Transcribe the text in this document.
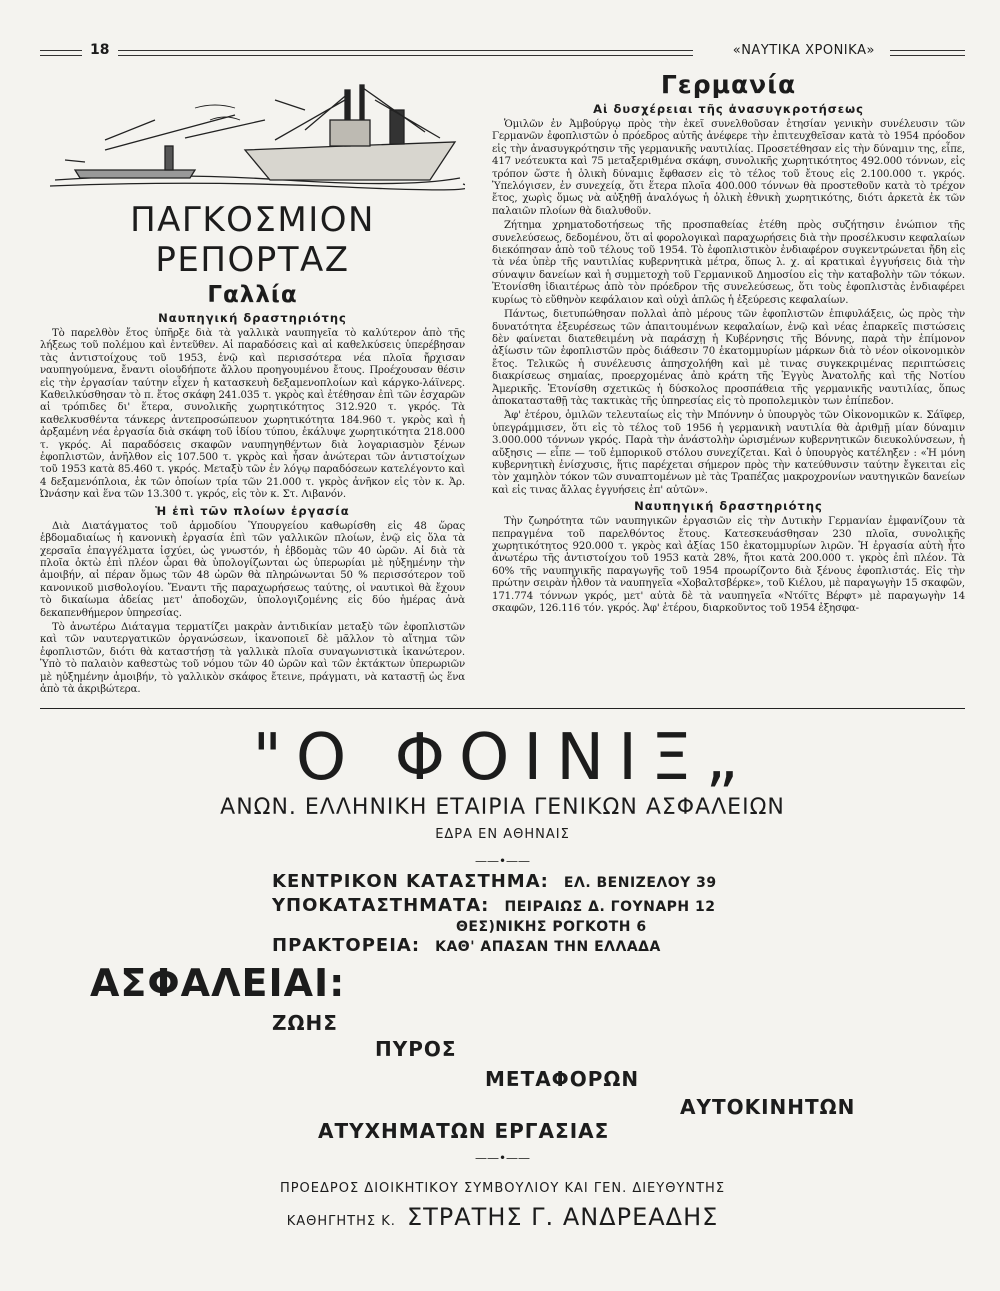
18	«ΝΑΥΤΙΚΑ ΧΡΟΝΙΚΑ»
ΠΑΓΚΟΣΜΙΟΝ ΡΕΠΟΡΤΑΖ
Γαλλία
Ναυπηγική δραστηριότης

Τὸ παρελθὸν ἔτος ὑπῆρξε διὰ τὰ γαλλικὰ ναυπηγεῖα τὸ καλύτερον ἀπὸ τῆς λήξεως τοῦ πολέμου καὶ ἐντεῦθεν. Αἱ παραδόσεις καὶ αἱ καθελκύσεις ὑπερέβησαν τὰς ἀντιστοίχους τοῦ 1953, ἐνῷ καὶ περισσότερα νέα πλοῖα ἤρχισαν ναυπηγούμενα, ἔναντι οἱουδήποτε ἄλλου προηγουμένου ἔτους. Προέχουσαν θέσιν εἰς τὴν ἐργασίαν ταύτην εἶχεν ἡ κατασκευὴ δεξαμενοπλοίων καὶ κάργκο-λάϊνερς. Καθειλκύσθησαν τὸ π. ἔτος σκάφη 241.035 τ. γκρὸς καὶ ἐτέθησαν ἐπὶ τῶν ἐσχαρῶν αἱ τρόπιδες δι' ἕτερα, συνολικῆς χωρητικότητος 312.920 τ. γκρός. Τὰ καθελκυσθέντα τάνκερς ἀντεπροσώπευον χωρητικότητα 184.960 τ. γκρὸς καὶ ἡ ἀρξαμένη νέα ἐργασία διὰ σκάφη τοῦ ἰδίου τύπου, ἐκάλυψε χωρητικότητα 218.000 τ. γκρός. Αἱ παραδόσεις σκαφῶν ναυπηγηθέντων διὰ λογαριασμὸν ξένων ἐφοπλιστῶν, ἀνῆλθον εἰς 107.500 τ. γκρὸς καὶ ἦσαν ἀνώτεραι τῶν ἀντιστοίχων τοῦ 1953 κατὰ 85.460 τ. γκρός. Μεταξὺ τῶν ἐν λόγῳ παραδόσεων κατελέγοντο καὶ 4 δεξαμενόπλοια, ἐκ τῶν ὁποίων τρία τῶν 21.000 τ. γκρὸς ἀνῆκον εἰς τὸν κ. Ἀρ. Ὠνάσην καὶ ἕνα τῶν 13.300 τ. γκρός, εἰς τὸν κ. Στ. Λιβανόν.

Ἡ ἐπὶ τῶν πλοίων ἐργασία

Διὰ Διατάγματος τοῦ ἁρμοδίου Ὑπουργείου καθωρίσθη εἰς 48 ὥρας ἑβδομαδιαίως ἡ κανονικὴ ἐργασία ἐπὶ τῶν γαλλικῶν πλοίων, ἐνῷ εἰς ὅλα τὰ χερσαῖα ἐπαγγέλματα ἰσχύει, ὡς γνωστόν, ἡ ἑβδομὰς τῶν 40 ὡρῶν. Αἱ διὰ τὰ πλοῖα ὀκτὼ ἐπὶ πλέον ὧραι θὰ ὑπολογίζωνται ὡς ὑπερωρίαι μὲ ηὐξημένην τὴν ἀμοιβήν, αἱ πέραν ὅμως τῶν 48 ὡρῶν θὰ πληρώνωνται 50 % περισσότερον τοῦ κανονικοῦ μισθολογίου. Ἔναντι τῆς παραχωρήσεως ταύτης, οἱ ναυτικοὶ θὰ ἔχουν τὸ δικαίωμα ἀδείας μετ' ἀποδοχῶν, ὑπολογιζομένης εἰς δύο ἡμέρας ἀνὰ δεκαπενθήμερον ὑπηρεσίας.

Τὸ ἀνωτέρω Διάταγμα τερματίζει μακρὰν ἀντιδικίαν μεταξὺ τῶν ἐφοπλιστῶν καὶ τῶν ναυτεργατικῶν ὀργανώσεων, ἱκανοποιεῖ δὲ μᾶλλον τὸ αἴτημα τῶν ἐφοπλιστῶν, διότι θὰ καταστήσῃ τὰ γαλλικὰ πλοῖα συναγωνιστικὰ ἱκανώτερον. Ὑπὸ τὸ παλαιὸν καθεστὼς τοῦ νόμου τῶν 40 ὡρῶν καὶ τῶν ἐκτάκτων ὑπερωριῶν μὲ ηὐξημένην ἀμοιβήν, τὸ γαλλικὸν σκάφος ἔτεινε, πράγματι, νὰ καταστῇ ὡς ἕνα ἀπὸ τὰ ἀκριβώτερα.

Γερμανία
Αἱ δυσχέρειαι τῆς ἀνασυγκροτήσεως

Ὁμιλῶν ἐν Ἀμβούργῳ πρὸς τὴν ἐκεῖ συνελθοῦσαν ἐτησίαν γενικὴν συνέλευσιν τῶν Γερμανῶν ἐφοπλιστῶν ὁ πρόεδρος αὐτῆς ἀνέφερε τὴν ἐπιτευχθεῖσαν κατὰ τὸ 1954 πρόοδον εἰς τὴν ἀνασυγκρότησιν τῆς γερμανικῆς ναυτιλίας. Προσετέθησαν εἰς τὴν δύναμιν της, εἶπε, 417 νεότευκτα καὶ 75 μεταξεριθμένα σκάφη, συνολικῆς χωρητικότητος 492.000 τόννων, εἰς τρόπον ὥστε ἡ ὁλικὴ δύναμις ἔφθασεν εἰς τὸ τέλος τοῦ ἔτους εἰς 2.100.000 τ. γκρός. Ὑπελόγισεν, ἐν συνεχείᾳ, ὅτι ἕτερα πλοῖα 400.000 τόννων θὰ προστεθοῦν κατὰ τὸ τρέχον ἔτος, χωρὶς ὅμως νὰ αὐξηθῇ ἀναλόγως ἡ ὁλικὴ ἐθνικὴ χωρητικότης, διότι ἀρκετὰ ἐκ τῶν παλαιῶν πλοίων θὰ διαλυθοῦν.

Ζήτημα χρηματοδοτήσεως τῆς προσπαθείας ἐτέθη πρὸς συζήτησιν ἐνώπιον τῆς συνελεύσεως, δεδομένου, ὅτι αἱ φορολογικαὶ παραχωρήσεις διὰ τὴν προσέλκυσιν κεφαλαίων διεκόπησαν ἀπὸ τοῦ τέλους τοῦ 1954. Τὸ ἐφοπλιστικὸν ἐνδιαφέρον συγκεντρώνεται ἤδη εἰς τὰ νέα ὑπὲρ τῆς ναυτιλίας κυβερνητικὰ μέτρα, ὅπως λ. χ. αἱ κρατικαὶ ἐγγυήσεις διὰ τὴν σύναψιν δανείων καὶ ἡ συμμετοχὴ τοῦ Γερμανικοῦ Δημοσίου εἰς τὴν καταβολὴν τῶν τόκων. Ἐτονίσθη ἰδιαιτέρως ἀπὸ τὸν πρόεδρον τῆς συνελεύσεως, ὅτι τοὺς ἐφοπλιστὰς ἐνδιαφέρει κυρίως τὸ εὔθηνὸν κεφάλαιον καὶ οὐχὶ ἁπλῶς ἡ ἐξεύρεσις κεφαλαίων.

Πάντως, διετυπώθησαν πολλαὶ ἀπὸ μέρους τῶν ἐφοπλιστῶν ἐπιφυλάξεις, ὡς πρὸς τὴν δυνατότητα ἐξευρέσεως τῶν ἀπαιτουμένων κεφαλαίων, ἐνῷ καὶ νέας ἐπαρκεῖς πιστώσεις δὲν φαίνεται διατεθειμένη νὰ παράσχῃ ἡ Κυβέρνησις τῆς Βόννης, παρὰ τὴν ἐπίμονον ἀξίωσιν τῶν ἐφοπλιστῶν πρὸς διάθεσιν 70 ἑκατομμυρίων μάρκων διὰ τὸ νέον οἰκονομικὸν ἔτος. Τελικῶς ἡ συνέλευσις ἀπησχολήθη καὶ μὲ τινας συγκεκριμένας περιπτώσεις διακρίσεως σημαίας, προερχομένας ἀπὸ κράτη τῆς Ἐγγὺς Ἀνατολῆς καὶ τῆς Νοτίου Ἀμερικῆς. Ἐτονίσθη σχετικῶς ἡ δύσκολος προσπάθεια τῆς γερμανικῆς ναυτιλίας, ὅπως ἀποκατασταθῇ τὰς τακτικὰς τῆς ὑπηρεσίας εἰς τὸ προπολεμικὸν των ἐπίπεδον.

Ἀφ' ἑτέρου, ὁμιλῶν τελευταίως εἰς τὴν Μπόννην ὁ ὑπουργὸς τῶν Οἰκονομικῶν κ. Σάϊφερ, ὑπεγράμμισεν, ὅτι εἰς τὸ τέλος τοῦ 1956 ἡ γερμανικὴ ναυτιλία θὰ ἀριθμῇ μίαν δύναμιν 3.000.000 τόννων γκρός. Παρὰ τὴν ἀνάστολὴν ὡρισμένων κυβερνητικῶν διευκολύνσεων, ἡ αὔξησις — εἶπε — τοῦ ἐμπορικοῦ στόλου συνεχίζεται. Καὶ ὁ ὑπουργὸς κατέληξεν : «Ἡ μόνη κυβερνητικὴ ἐνίσχυσις, ἥτις παρέχεται σήμερον πρὸς τὴν κατεύθυνσιν ταύτην ἔγκειται εἰς τὸν χαμηλὸν τόκον τῶν συναπτομένων μὲ τὰς Τραπέζας μακροχρονίων ναυτηγικῶν δανείων καὶ εἰς τινας ἄλλας ἐγγυήσεις ἐπ' αὐτῶν».

Ναυπηγική δραστηριότης

Τὴν ζωηρότητα τῶν ναυπηγικῶν ἐργασιῶν εἰς τὴν Δυτικὴν Γερμανίαν ἐμφανίζουν τὰ πεπραγμένα τοῦ παρελθόντος ἔτους. Κατεσκευάσθησαν 230 πλοῖα, συνολικῆς χωρητικότητος 920.000 τ. γκρὸς καὶ ἀξίας 150 ἑκατομμυρίων λιρῶν. Ἡ ἐργασία αὐτὴ ἦτο ἀνωτέρω τῆς ἀντιστοίχου τοῦ 1953 κατὰ 28%, ἤτοι κατὰ 200.000 τ. γκρὸς ἐπὶ πλέον. Τὰ 60% τῆς ναυπηγικῆς παραγωγῆς τοῦ 1954 προωρίζοντο διὰ ξένους ἐφοπλιστάς. Εἰς τὴν πρώτην σειρὰν ἦλθον τὰ ναυπηγεῖα «Χοβαλτσβέρκε», τοῦ Κιέλου, μὲ παραγωγὴν 15 σκαφῶν, 171.774 τόννων γκρός, μετ' αὐτὰ δὲ τὰ ναυπηγεῖα «Ντόϊτς Βέρφτ» μὲ παραγωγὴν 14 σκαφῶν, 126.116 τόν. γκρός. Ἀφ' ἑτέρου, διαρκοῦντος τοῦ 1954 ἐξησφα-

"Ο ΦΟΙΝΙΞ„
ΑΝΩΝ. ΕΛΛΗΝΙΚΗ ΕΤΑΙΡΙΑ ΓΕΝΙΚΩΝ ΑΣΦΑΛΕΙΩΝ
ΕΔΡΑ ΕΝ ΑΘΗΝΑΙΣ
——•——
ΚΕΝΤΡΙΚΟΝ ΚΑΤΑΣΤΗΜΑ: ΕΛ. ΒΕΝΙΖΕΛΟΥ 39
ΥΠΟΚΑΤΑΣΤΗΜΑΤΑ: ΠΕΙΡΑΙΩΣ Δ. ΓΟΥΝΑΡΗ 12
ΘΕΣ)ΝΙΚΗΣ ΡΟΓΚΟΤΗ 6
ΠΡΑΚΤΟΡΕΙΑ: ΚΑΘ' ΑΠΑΣΑΝ ΤΗΝ ΕΛΛΑΔΑ
ΑΣΦΑΛΕΙΑΙ:
ΖΩΗΣ
ΠΥΡΟΣ
ΜΕΤΑΦΟΡΩΝ
ΑΥΤΟΚΙΝΗΤΩΝ
ΑΤΥΧΗΜΑΤΩΝ ΕΡΓΑΣΙΑΣ
——•——
ΠΡΟΕΔΡΟΣ ΔΙΟΙΚΗΤΙΚΟΥ ΣΥΜΒΟΥΛΙΟΥ ΚΑΙ ΓΕΝ. ΔΙΕΥΘΥΝΤΗΣ
ΚΑΘΗΓΗΤΗΣ Κ. ΣΤΡΑΤΗΣ Γ. ΑΝΔΡΕΑΔΗΣ
